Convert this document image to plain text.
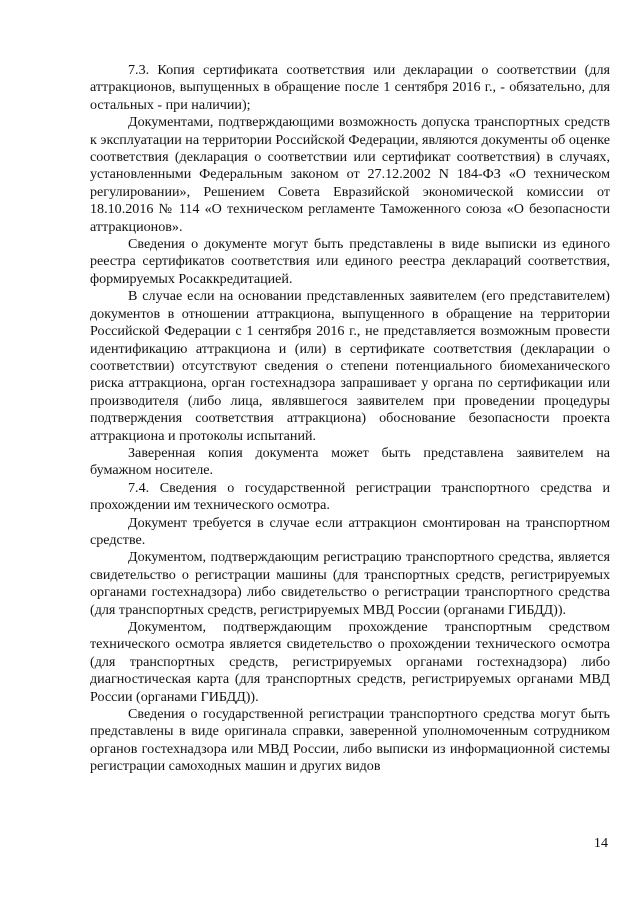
7.3. Копия сертификата соответствия или декларации о соответствии (для аттракционов, выпущенных в обращение после 1 сентября 2016 г., - обязательно, для остальных - при наличии);

Документами, подтверждающими возможность допуска транспортных средств к эксплуатации на территории Российской Федерации, являются документы об оценке соответствия (декларация о соответствии или сертификат соответствия) в случаях, установленными Федеральным законом от 27.12.2002 N 184-ФЗ «О техническом регулировании», Решением Совета Евразийской экономической комиссии от 18.10.2016 № 114 «О техническом регламенте Таможенного союза «О безопасности аттракционов».

Сведения о документе могут быть представлены в виде выписки из единого реестра сертификатов соответствия или единого реестра деклараций соответствия, формируемых Росаккредитацией.

В случае если на основании представленных заявителем (его представителем) документов в отношении аттракциона, выпущенного в обращение на территории Российской Федерации с 1 сентября 2016 г., не представляется возможным провести идентификацию аттракциона и (или) в сертификате соответствия (декларации о соответствии) отсутствуют сведения о степени потенциального биомеханического риска аттракциона, орган гостехнадзора запрашивает у органа по сертификации или производителя (либо лица, являвшегося заявителем при проведении процедуры подтверждения соответствия аттракциона) обоснование безопасности проекта аттракциона и протоколы испытаний.

Заверенная копия документа может быть представлена заявителем на бумажном носителе.

7.4. Сведения о государственной регистрации транспортного средства и прохождении им технического осмотра.

Документ требуется в случае если аттракцион смонтирован на транспортном средстве.

Документом, подтверждающим регистрацию транспортного средства, является свидетельство о регистрации машины (для транспортных средств, регистрируемых органами гостехнадзора) либо свидетельство о регистрации транспортного средства (для транспортных средств, регистрируемых МВД России (органами ГИБДД)).

Документом, подтверждающим прохождение транспортным средством технического осмотра является свидетельство о прохождении технического осмотра (для транспортных средств, регистрируемых органами гостехнадзора) либо диагностическая карта (для транспортных средств, регистрируемых органами МВД России (органами ГИБДД)).

Сведения о государственной регистрации транспортного средства могут быть представлены в виде оригинала справки, заверенной уполномоченным сотрудником органов гостехнадзора или МВД России, либо выписки из информационной системы регистрации самоходных машин и других видов

14
